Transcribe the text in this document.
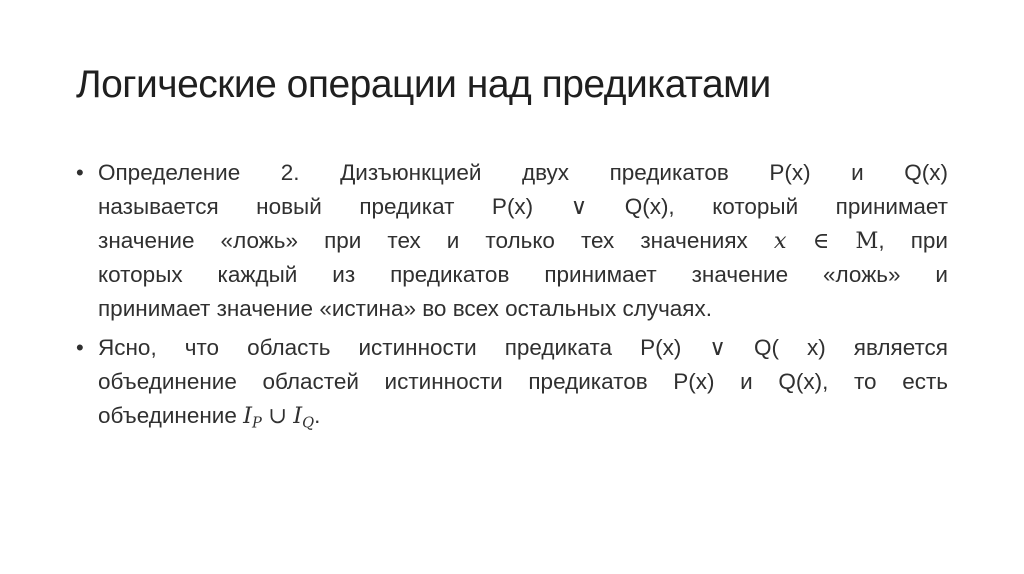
Логические операции над предикатами
• Определение 2. Дизъюнкцией двух предикатов P(x) и Q(x)
называется новый предикат P(x) ∨ Q(x), который принимает
значение «ложь» при тех и только тех значениях x ∈ M, при
которых каждый из предикатов принимает значение «ложь» и
принимает значение «истина» во всех остальных случаях.
• Ясно, что область истинности предиката P(x) ∨ Q( x) является
объединение областей истинности предикатов P(x) и Q(x), то есть
объединение $I_P$ ∪ $I_Q$.
